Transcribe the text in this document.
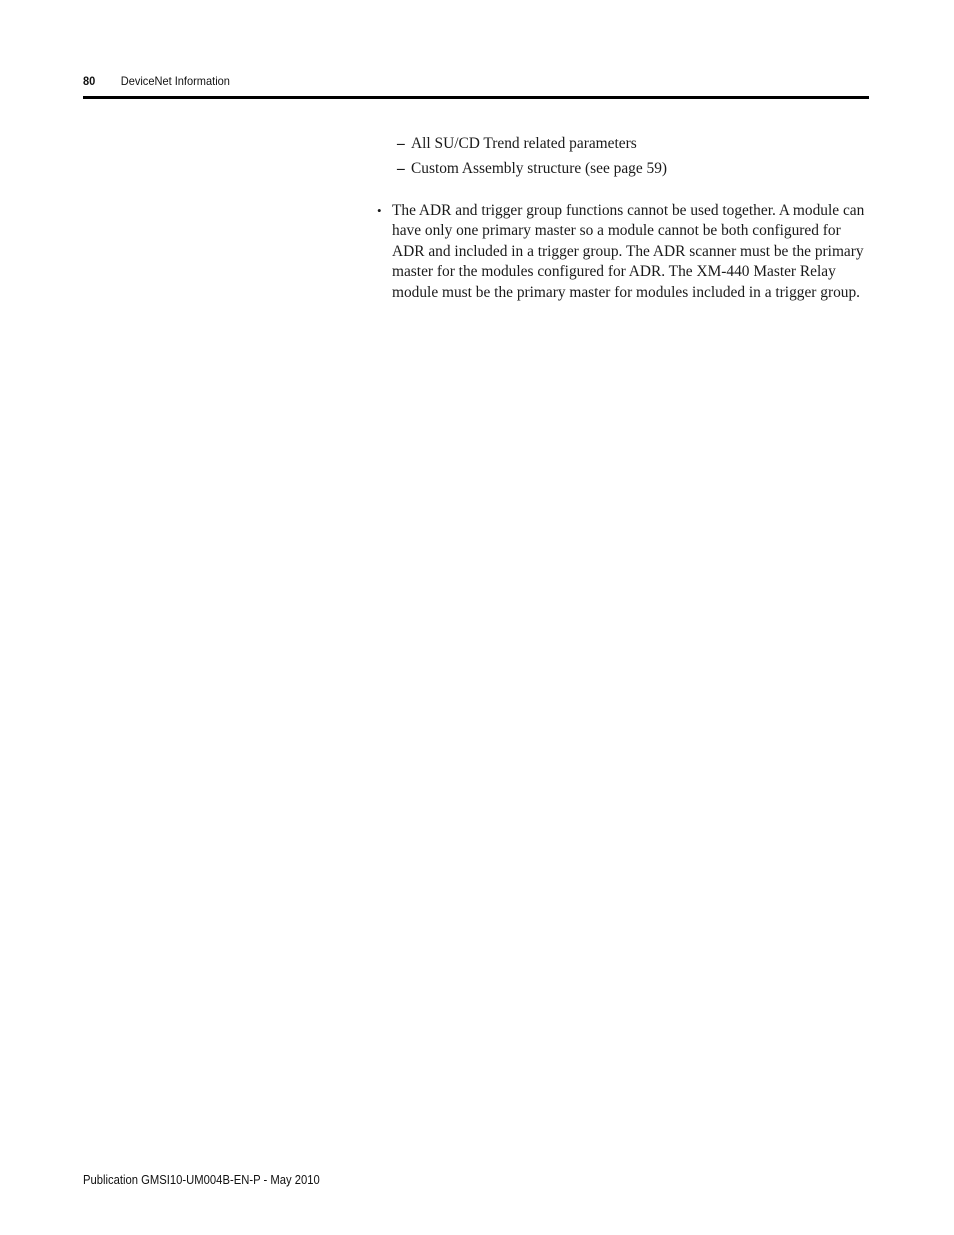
80 DeviceNet Information
– All SU/CD Trend related parameters
– Custom Assembly structure (see page 59)
• The ADR and trigger group functions cannot be used together. A module can have only one primary master so a module cannot be both configured for ADR and included in a trigger group. The ADR scanner must be the primary master for the modules configured for ADR. The XM-440 Master Relay module must be the primary master for modules included in a trigger group.
Publication GMSI10-UM004B-EN-P - May 2010
